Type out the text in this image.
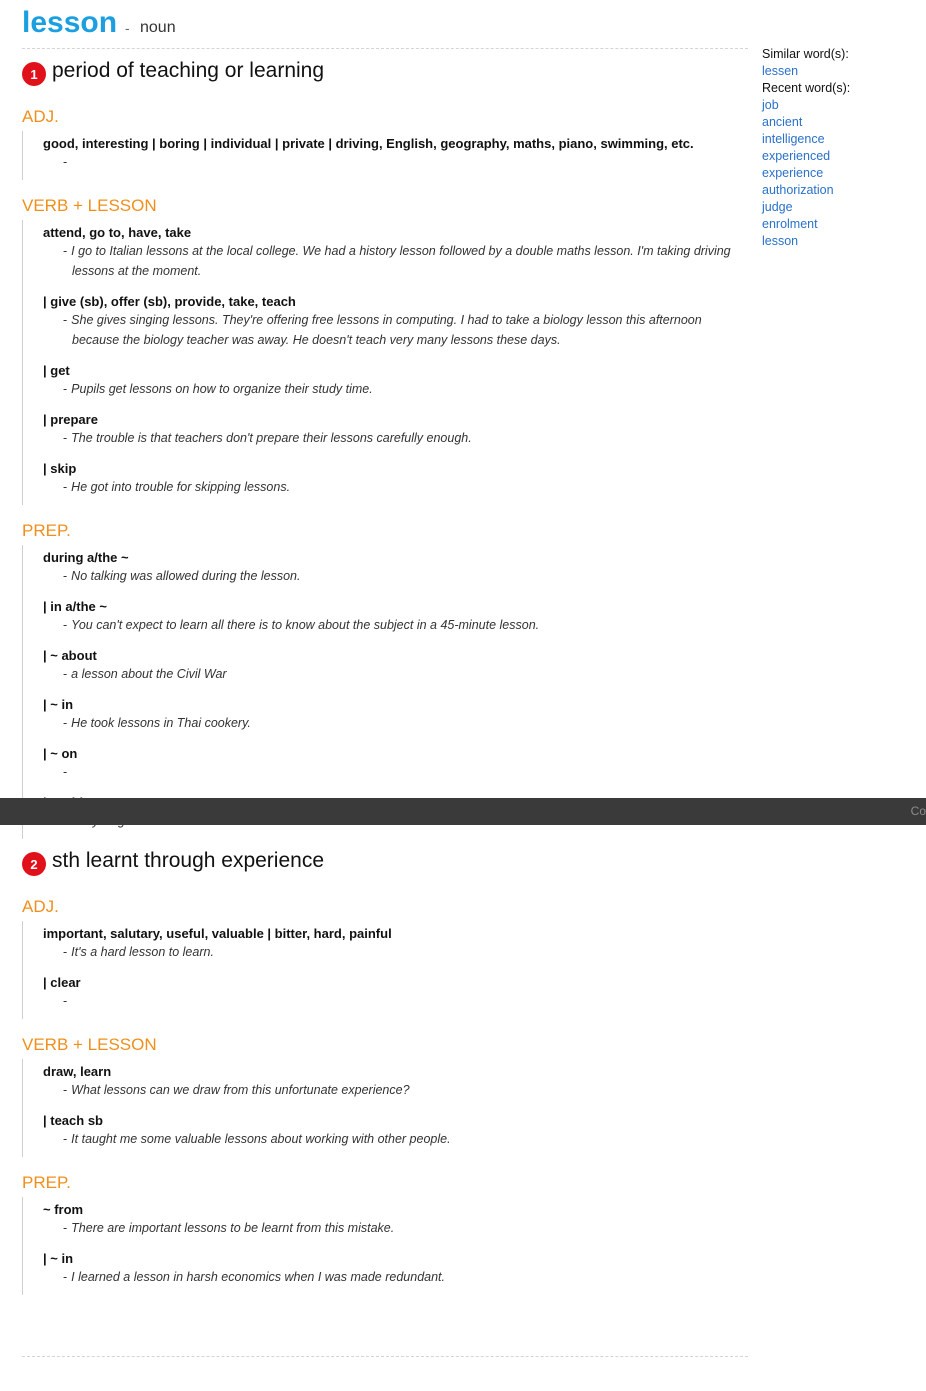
lesson - noun
1 period of teaching or learning
ADJ.
good, interesting | boring | individual | private | driving, English, geography, maths, piano, swimming, etc.
-
VERB + LESSON
attend, go to, have, take
- I go to Italian lessons at the local college. We had a history lesson followed by a double maths lesson. I'm taking driving lessons at the moment.
| give (sb), offer (sb), provide, take, teach
- She gives singing lessons. They're offering free lessons in computing. I had to take a biology lesson this afternoon because the biology teacher was away. He doesn't teach very many lessons these days.
| get
- Pupils get lessons on how to organize their study time.
| prepare
- The trouble is that teachers don't prepare their lessons carefully enough.
| skip
- He got into trouble for skipping lessons.
PREP.
during a/the ~
- No talking was allowed during the lesson.
| in a/the ~
- You can't expect to learn all there is to know about the subject in a 45-minute lesson.
| ~ about
- a lesson about the Civil War
| ~ in
- He took lessons in Thai cookery.
| ~ on
-
2 sth learnt through experience
ADJ.
important, salutary, useful, valuable | bitter, hard, painful
- It's a hard lesson to learn.
| clear
-
VERB + LESSON
draw, learn
- What lessons can we draw from this unfortunate experience?
| teach sb
- It taught me some valuable lessons about working with other people.
PREP.
~ from
- There are important lessons to be learnt from this mistake.
| ~ in
- I learned a lesson in harsh economics when I was made redundant.
Similar word(s):
lessen
Recent word(s):
job
ancient
intelligence
experienced
experience
authorization
judge
enrolment
lesson
Co
